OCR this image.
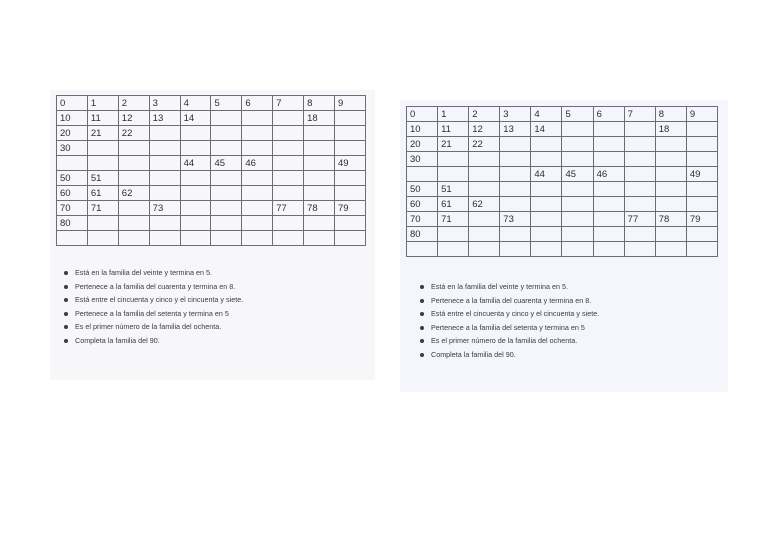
0	1	2	3	4	5	6	7	8	9
10	11	12	13	14				18	
20	21	22							
30									
				44	45	46			49
50	51								
60	61	62							
70	71		73				77	78	79
80									

Está en la familia del veinte y termina en 5.
Pertenece a la familia del cuarenta y termina en 8.
Está entre el cincuenta y cinco y el cincuenta y siete.
Pertenece a la familia del setenta y termina en 5
Es el primer número de la familia del ochenta.
Completa la familia del 90.
0	1	2	3	4	5	6	7	8	9
10	11	12	13	14				18	
20	21	22							
30									
				44	45	46			49
50	51								
60	61	62							
70	71		73				77	78	79
80									

Está en la familia del veinte y termina en 5.
Pertenece a la familia del cuarenta y termina en 8.
Está entre el cincuenta y cinco y el cincuenta y siete.
Pertenece a la familia del setenta y termina en 5
Es el primer número de la familia del ochenta.
Completa la familia del 90.
